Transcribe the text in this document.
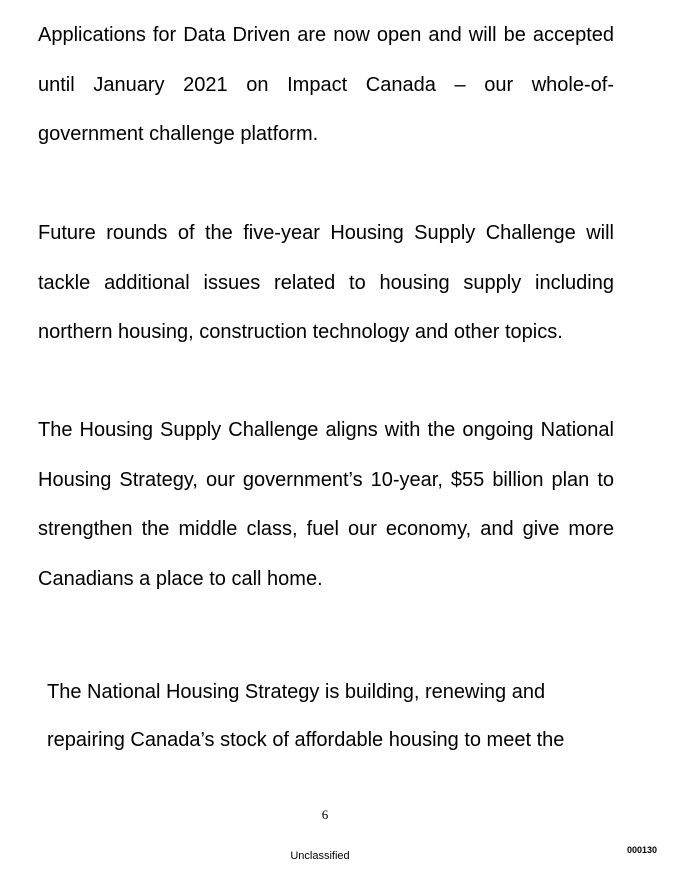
Applications for Data Driven are now open and will be accepted until January 2021 on Impact Canada – our whole-of-government challenge platform.

Future rounds of the five-year Housing Supply Challenge will tackle additional issues related to housing supply including northern housing, construction technology and other topics.

The Housing Supply Challenge aligns with the ongoing National Housing Strategy, our government’s 10-year, $55 billion plan to strengthen the middle class, fuel our economy, and give more Canadians a place to call home.

The National Housing Strategy is building, renewing and repairing Canada’s stock of affordable housing to meet the

6
Unclassified	000130
